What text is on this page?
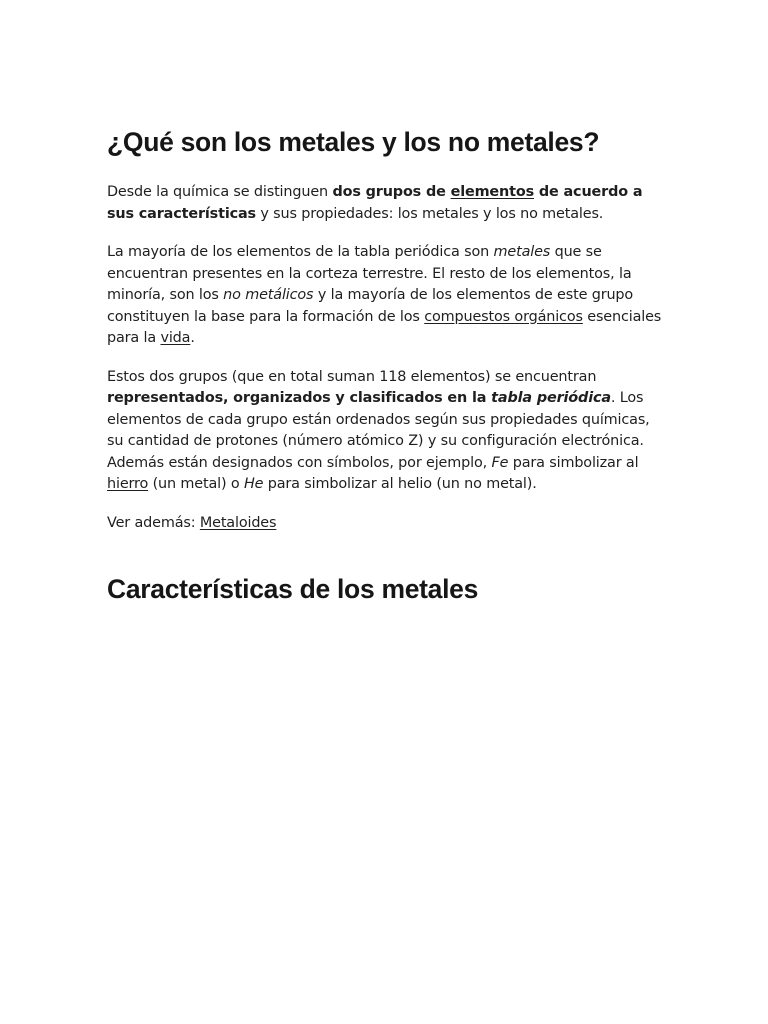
¿Qué son los metales y los no metales?

Desde la química se distinguen dos grupos de elementos de acuerdo a sus características y sus propiedades: los metales y los no metales.

La mayoría de los elementos de la tabla periódica son metales que se encuentran presentes en la corteza terrestre. El resto de los elementos, la minoría, son los no metálicos y la mayoría de los elementos de este grupo constituyen la base para la formación de los compuestos orgánicos esenciales para la vida.

Estos dos grupos (que en total suman 118 elementos) se encuentran representados, organizados y clasificados en la tabla periódica. Los elementos de cada grupo están ordenados según sus propiedades químicas, su cantidad de protones (número atómico Z) y su configuración electrónica. Además están designados con símbolos, por ejemplo, Fe para simbolizar al hierro (un metal) o He para simbolizar al helio (un no metal).

Ver además: Metaloides

Características de los metales
